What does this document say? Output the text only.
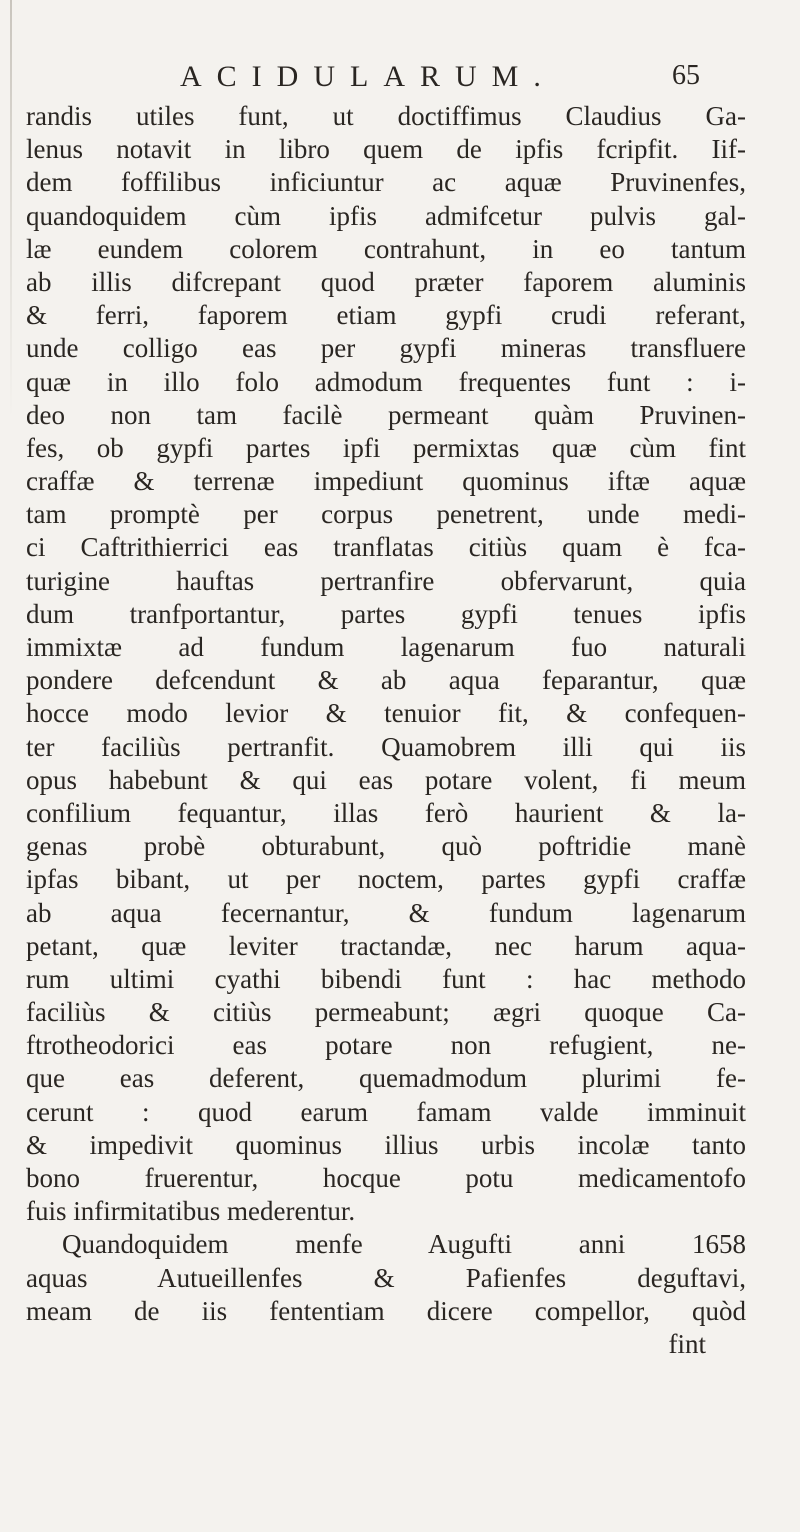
ACIDULARUM.	65
randis utiles funt, ut doctiffimus Claudius Ga-
lenus notavit in libro quem de ipfis fcripfit. Iif-
dem foffilibus inficiuntur ac aquæ Pruvinenfes,
quandoquidem cùm ipfis admifcetur pulvis gal-
læ eundem colorem contrahunt, in eo tantum
ab illis difcrepant quod præter faporem aluminis
& ferri, faporem etiam gypfi crudi referant,
unde colligo eas per gypfi mineras transfluere
quæ in illo folo admodum frequentes funt : i-
deo non tam facilè permeant quàm Pruvinen-
fes, ob gypfi partes ipfi permixtas quæ cùm fint
craffæ & terrenæ impediunt quominus iftæ aquæ
tam promptè per corpus penetrent, unde medi-
ci Caftrithierrici eas tranflatas citiùs quam è fca-
turigine hauftas pertranfire obfervarunt, quia
dum tranfportantur, partes gypfi tenues ipfis
immixtæ ad fundum lagenarum fuo naturali
pondere defcendunt & ab aqua feparantur, quæ
hocce modo levior & tenuior fit, & confequen-
ter faciliùs pertranfit. Quamobrem illi qui iis
opus habebunt & qui eas potare volent, fi meum
confilium fequantur, illas ferò haurient & la-
genas probè obturabunt, quò poftridie manè
ipfas bibant, ut per noctem, partes gypfi craffæ
ab aqua fecernantur, & fundum lagenarum
petant, quæ leviter tractandæ, nec harum aqua-
rum ultimi cyathi bibendi funt : hac methodo
faciliùs & citiùs permeabunt; ægri quoque Ca-
ftrotheodorici eas potare non refugient, ne-
que eas deferent, quemadmodum plurimi fe-
cerunt : quod earum famam valde imminuit
& impedivit quominus illius urbis incolæ tanto
bono fruerentur, hocque potu medicamentofo
fuis infirmitatibus mederentur.
Quandoquidem menfe Augufti anni 1658
aquas Autueillenfes & Pafienfes deguftavi,
meam de iis fententiam dicere compellor, quòd
fint
